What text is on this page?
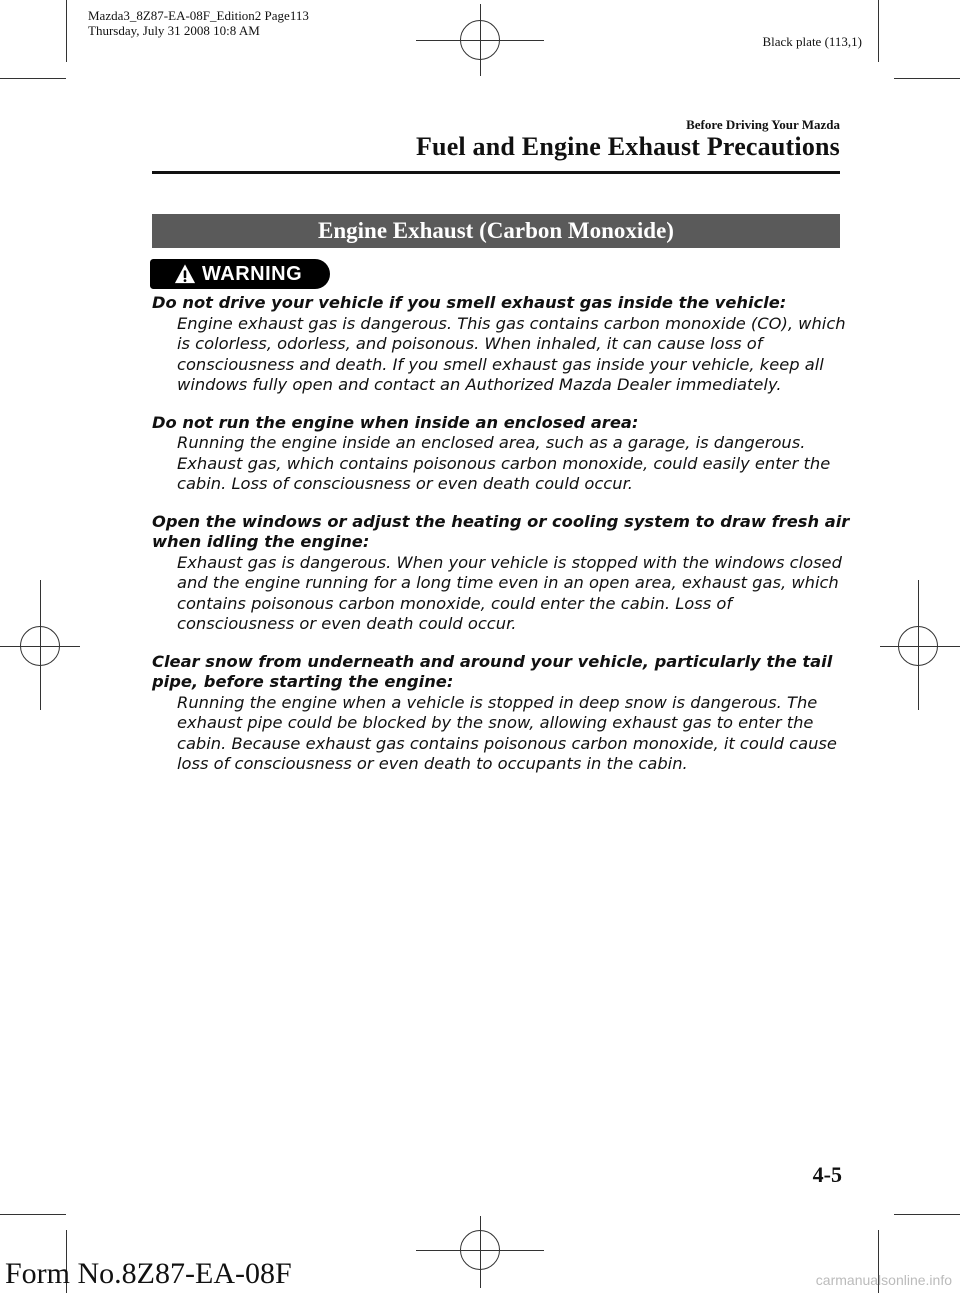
Mazda3_8Z87-EA-08F_Edition2 Page113
Thursday, July 31 2008 10:8 AM
Black plate (113,1)
Before Driving Your Mazda
Fuel and Engine Exhaust Precautions
Engine Exhaust (Carbon Monoxide)
WARNING
Do not drive your vehicle if you smell exhaust gas inside the vehicle:
Engine exhaust gas is dangerous. This gas contains carbon monoxide (CO), which is colorless, odorless, and poisonous. When inhaled, it can cause loss of consciousness and death. If you smell exhaust gas inside your vehicle, keep all windows fully open and contact an Authorized Mazda Dealer immediately.
Do not run the engine when inside an enclosed area:
Running the engine inside an enclosed area, such as a garage, is dangerous. Exhaust gas, which contains poisonous carbon monoxide, could easily enter the cabin. Loss of consciousness or even death could occur.
Open the windows or adjust the heating or cooling system to draw fresh air when idling the engine:
Exhaust gas is dangerous. When your vehicle is stopped with the windows closed and the engine running for a long time even in an open area, exhaust gas, which contains poisonous carbon monoxide, could enter the cabin. Loss of consciousness or even death could occur.
Clear snow from underneath and around your vehicle, particularly the tail pipe, before starting the engine:
Running the engine when a vehicle is stopped in deep snow is dangerous. The exhaust pipe could be blocked by the snow, allowing exhaust gas to enter the cabin. Because exhaust gas contains poisonous carbon monoxide, it could cause loss of consciousness or even death to occupants in the cabin.
4-5
Form No.8Z87-EA-08F	carmanualsonline.info
